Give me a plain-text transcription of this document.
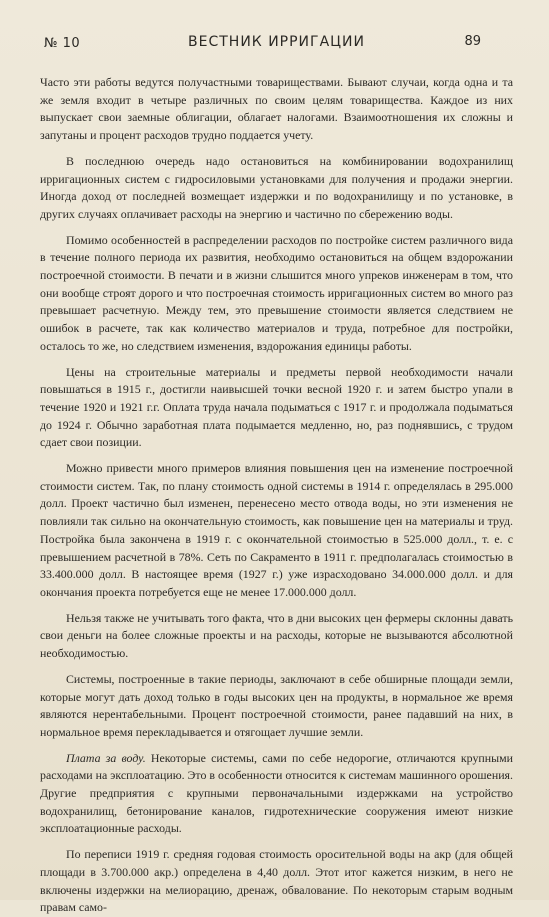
№ 10	ВЕСТНИК ИРРИГАЦИИ	89

Часто эти работы ведутся получастными товариществами. Бывают случаи, когда одна и та же земля входит в четыре различных по своим целям товарищества. Каждое из них выпускает свои заемные облигации, облагает налогами. Взаимоотношения их сложны и запутаны и процент расходов трудно поддается учету.

В последнюю очередь надо остановиться на комбинировании водохранилищ ирригационных систем с гидросиловыми установками для получения и продажи энергии. Иногда доход от последней возмещает издержки и по водохранилищу и по установке, в других случаях оплачивает расходы на энергию и частично по сбережению воды.

Помимо особенностей в распределении расходов по постройке систем различного вида в течение полного периода их развития, необходимо остановиться на общем вздорожании построечной стоимости. В печати и в жизни слышится много упреков инженерам в том, что они вообще строят дорого и что построечная стоимость ирригационных систем во много раз превышает расчетную. Между тем, это превышение стоимости является следствием не ошибок в расчете, так как количество материалов и труда, потребное для постройки, осталось то же, но следствием изменения, вздорожания единицы работы.

Цены на строительные материалы и предметы первой необходимости начали повышаться в 1915 г., достигли наивысшей точки весной 1920 г. и затем быстро упали в течение 1920 и 1921 г.г. Оплата труда начала подыматься с 1917 г. и продолжала подыматься до 1924 г. Обычно заработная плата подымается медленно, но, раз поднявшись, с трудом сдает свои позиции.

Можно привести много примеров влияния повышения цен на изменение построечной стоимости систем. Так, по плану стоимость одной системы в 1914 г. определялась в 295.000 долл. Проект частично был изменен, перенесено место отвода воды, но эти изменения не повлияли так сильно на окончательную стоимость, как повышение цен на материалы и труд. Постройка была закончена в 1919 г. с окончательной стоимостью в 525.000 долл., т. е. с превышением расчетной в 78%. Сеть по Сакраменто в 1911 г. предполагалась стоимостью в 33.400.000 долл. В настоящее время (1927 г.) уже израсходовано 34.000.000 долл. и для окончания проекта потребуется еще не менее 17.000.000 долл.

Нельзя также не учитывать того факта, что в дни высоких цен фермеры склонны давать свои деньги на более сложные проекты и на расходы, которые не вызываются абсолютной необходимостью.

Системы, построенные в такие периоды, заключают в себе обширные площади земли, которые могут дать доход только в годы высоких цен на продукты, в нормальное же время являются нерентабельными. Процент построечной стоимости, ранее падавший на них, в нормальное время перекладывается и отягощает лучшие земли.

Плата за воду. Некоторые системы, сами по себе недорогие, отличаются крупными расходами на эксплоатацию. Это в особенности относится к системам машинного орошения. Другие предприятия с крупными первоначальными издержками на устройство водохранилищ, бетонирование каналов, гидротехнические сооружения имеют низкие эксплоатационные расходы.

По переписи 1919 г. средняя годовая стоимость оросительной воды на акр (для общей площади в 3.700.000 акр.) определена в 4,40 долл. Этот итог кажется низким, в него не включены издержки на мелиорацию, дренаж, обвалование. По некоторым старым водным правам само-
